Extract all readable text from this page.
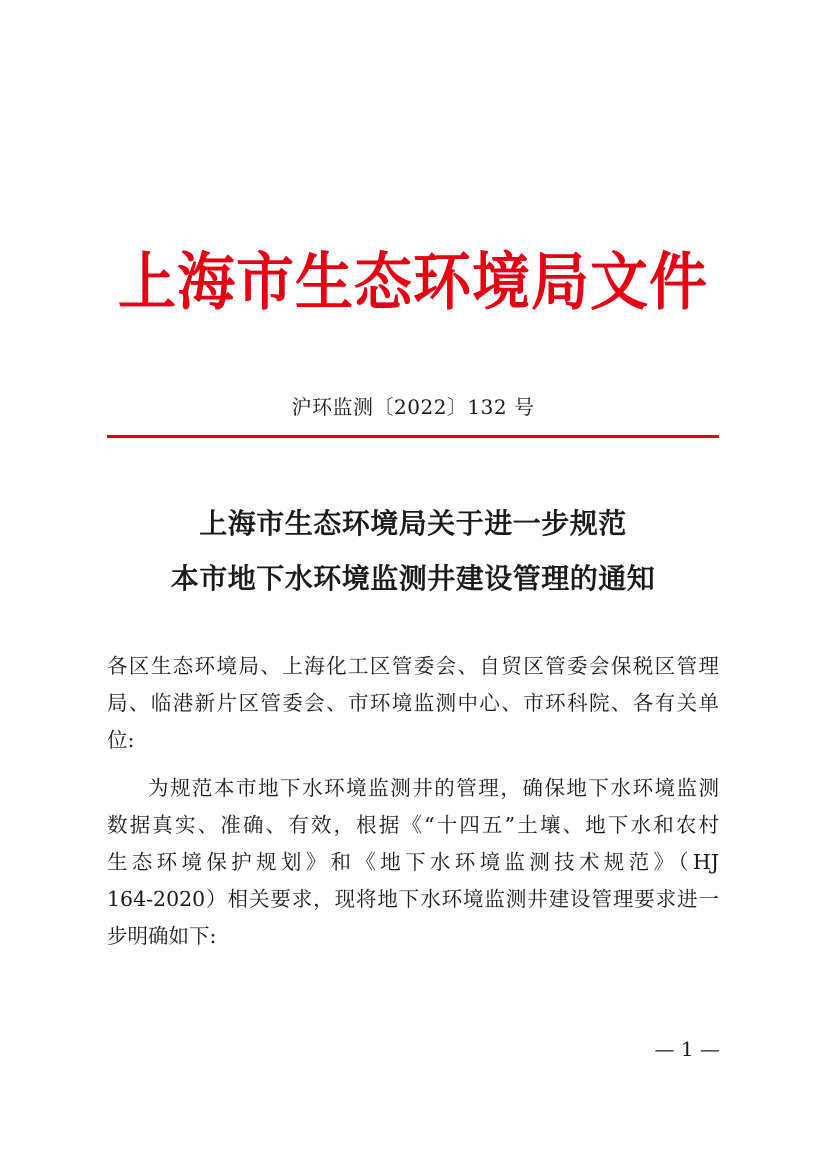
上海市生态环境局文件
沪环监测〔2022〕132 号
上海市生态环境局关于进一步规范
本市地下水环境监测井建设管理的通知
各区生态环境局、上海化工区管委会、自贸区管委会保税区管理
局、临港新片区管委会、市环境监测中心、市环科院、各有关单
位:
为规范本市地下水环境监测井的管理，确保地下水环境监测
数据真实、准确、有效，根据《“十四五”土壤、地下水和农村
生态环境保护规划》和《地下水环境监测技术规范》（HJ
164-2020）相关要求，现将地下水环境监测井建设管理要求进一
步明确如下:
— 1 —
